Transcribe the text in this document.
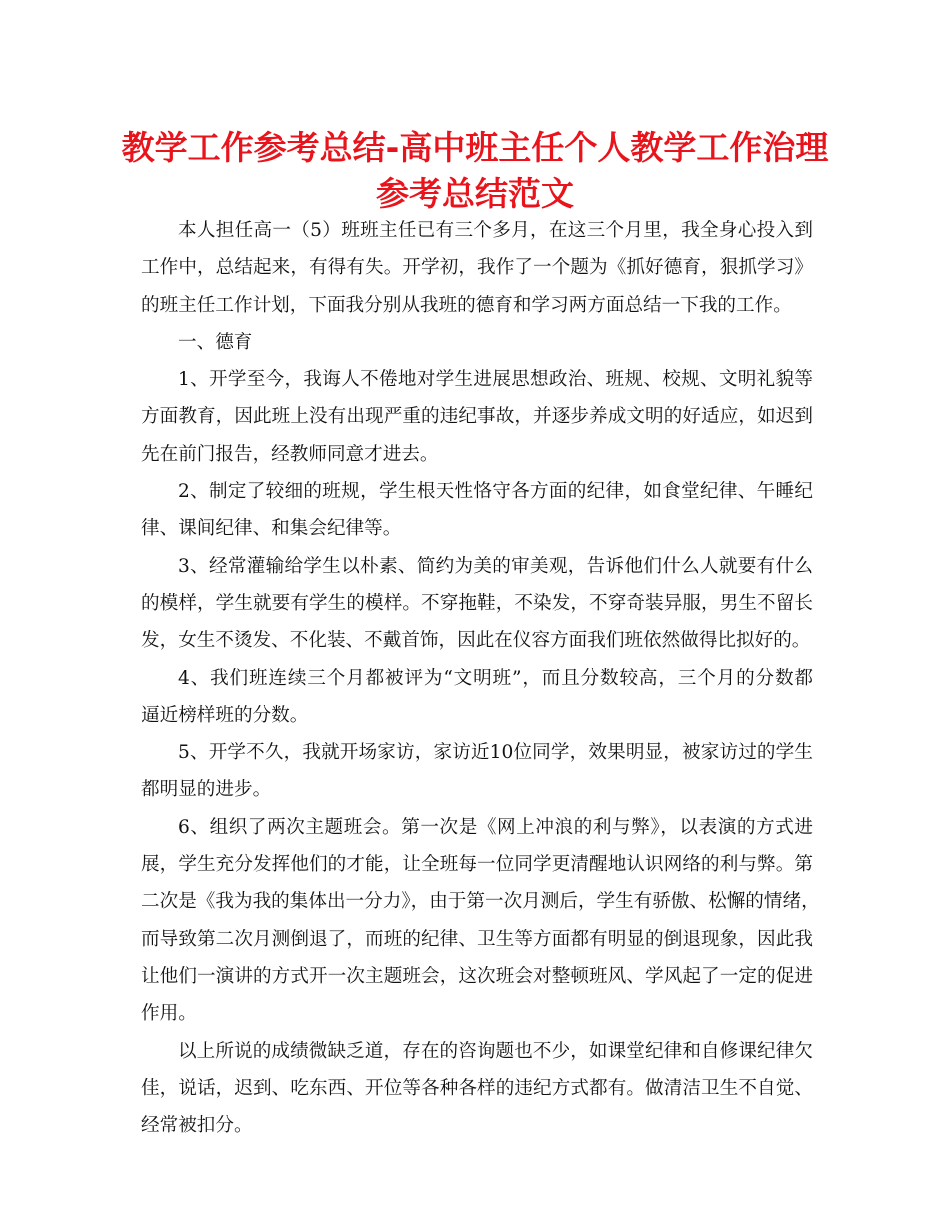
教学工作参考总结-高中班主任个人教学工作治理
参考总结范文
本人担任高一（5）班班主任已有三个多月，在这三个月里，我全身心投入到
工作中，总结起来，有得有失。开学初，我作了一个题为《抓好德育，狠抓学习》
的班主任工作计划，下面我分别从我班的德育和学习两方面总结一下我的工作。
一、德育
1、开学至今，我诲人不倦地对学生进展思想政治、班规、校规、文明礼貌等
方面教育，因此班上没有出现严重的违纪事故，并逐步养成文明的好适应，如迟到
先在前门报告，经教师同意才进去。
2、制定了较细的班规，学生根天性恪守各方面的纪律，如食堂纪律、午睡纪
律、课间纪律、和集会纪律等。
3、经常灌输给学生以朴素、简约为美的审美观，告诉他们什么人就要有什么
的模样，学生就要有学生的模样。不穿拖鞋，不染发，不穿奇装异服，男生不留长
发，女生不烫发、不化装、不戴首饰，因此在仪容方面我们班依然做得比拟好的。
4、我们班连续三个月都被评为“文明班”，而且分数较高，三个月的分数都
逼近榜样班的分数。
5、开学不久，我就开场家访，家访近10位同学，效果明显，被家访过的学生
都明显的进步。
6、组织了两次主题班会。第一次是《网上冲浪的利与弊》，以表演的方式进
展，学生充分发挥他们的才能，让全班每一位同学更清醒地认识网络的利与弊。第
二次是《我为我的集体出一分力》，由于第一次月测后，学生有骄傲、松懈的情绪，
而导致第二次月测倒退了，而班的纪律、卫生等方面都有明显的倒退现象，因此我
让他们一演讲的方式开一次主题班会，这次班会对整顿班风、学风起了一定的促进
作用。
以上所说的成绩微缺乏道，存在的咨询题也不少，如课堂纪律和自修课纪律欠
佳，说话，迟到、吃东西、开位等各种各样的违纪方式都有。做清洁卫生不自觉、
经常被扣分。
